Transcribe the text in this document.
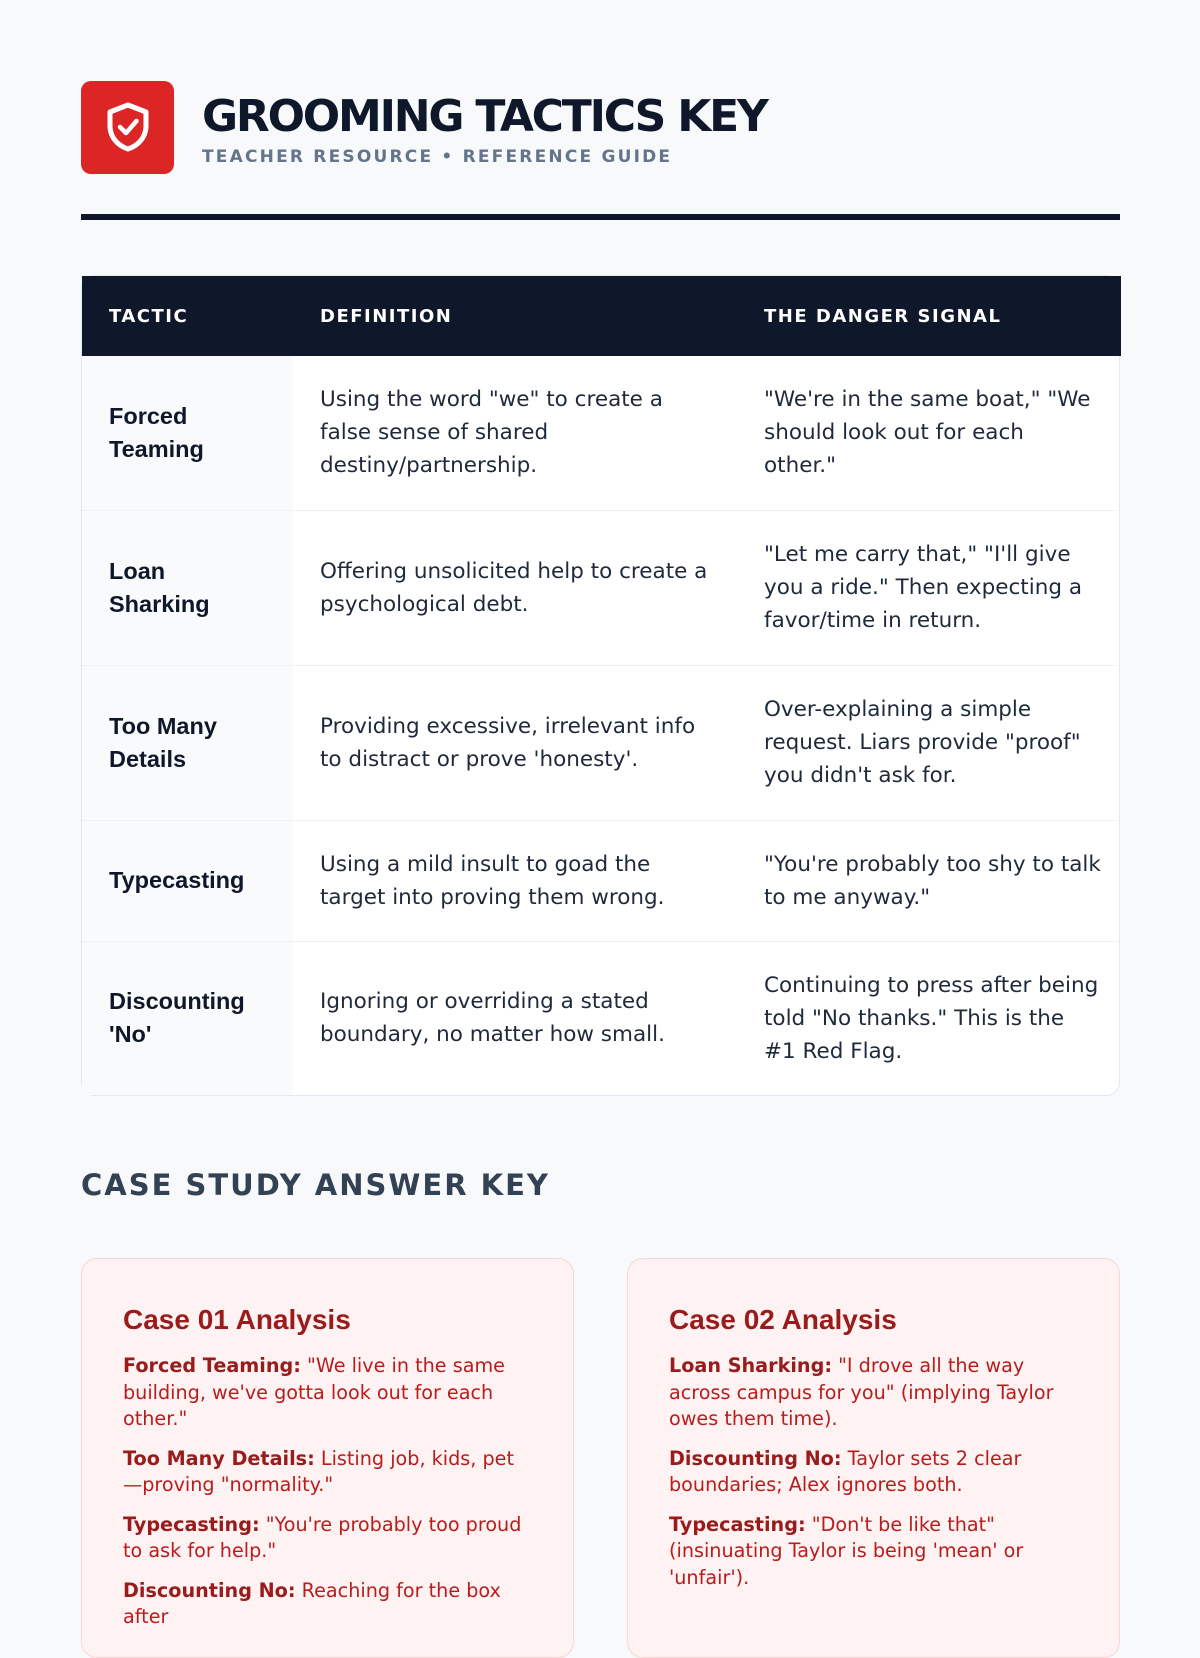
GROOMING TACTICS KEY
TEACHER RESOURCE • REFERENCE GUIDE
TACTIC	DEFINITION	THE DANGER SIGNAL
Forced Teaming	Using the word "we" to create a false sense of shared destiny/partnership.	"We're in the same boat," "We should look out for each other."
Loan Sharking	Offering unsolicited help to create a psychological debt.	"Let me carry that," "I'll give you a ride." Then expecting a favor/time in return.
Too Many Details	Providing excessive, irrelevant info to distract or prove 'honesty'.	Over-explaining a simple request. Liars provide "proof" you didn't ask for.
Typecasting	Using a mild insult to goad the target into proving them wrong.	"You're probably too shy to talk to me anyway."
Discounting 'No'	Ignoring or overriding a stated boundary, no matter how small.	Continuing to press after being told "No thanks." This is the #1 Red Flag.
CASE STUDY ANSWER KEY
Case 01 Analysis

Forced Teaming: "We live in the same building, we've gotta look out for each other."

Too Many Details: Listing job, kids, pet—proving "normality."

Typecasting: "You're probably too proud to ask for help."

Discounting No: Reaching for the box after

Case 02 Analysis

Loan Sharking: "I drove all the way across campus for you" (implying Taylor owes them time).

Discounting No: Taylor sets 2 clear boundaries; Alex ignores both.

Typecasting: "Don't be like that" (insinuating Taylor is being 'mean' or 'unfair').
